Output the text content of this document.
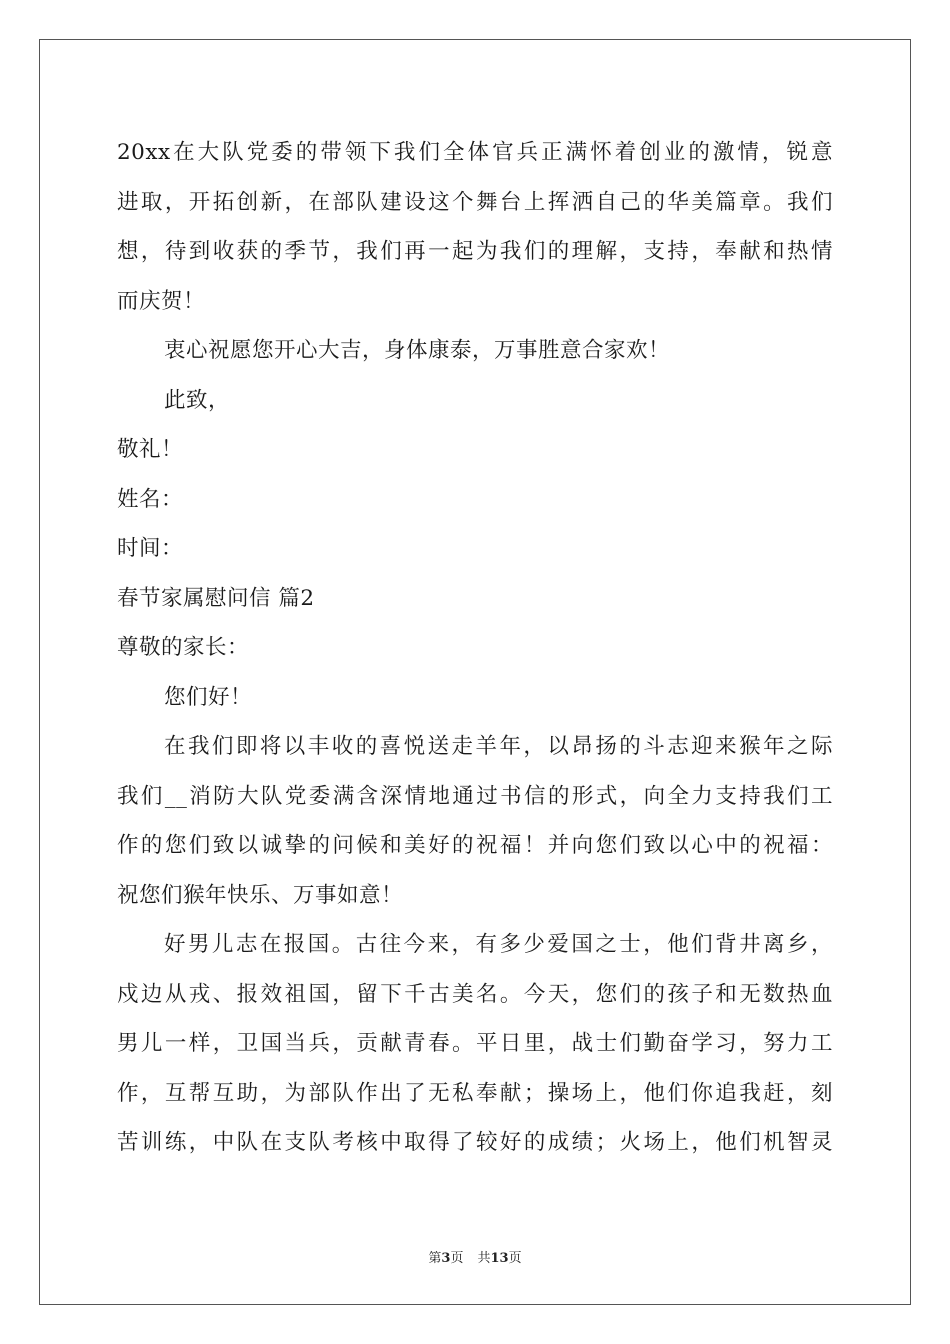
20xx在大队党委的带领下我们全体官兵正满怀着创业的激情，锐意
进取，开拓创新，在部队建设这个舞台上挥洒自己的华美篇章。我们
想，待到收获的季节，我们再一起为我们的理解，支持，奉献和热情
而庆贺！
衷心祝愿您开心大吉，身体康泰，万事胜意合家欢！
此致，
敬礼！
姓名：
时间：
春节家属慰问信 篇2
尊敬的家长：
您们好！
在我们即将以丰收的喜悦送走羊年，以昂扬的斗志迎来猴年之际
我们__消防大队党委满含深情地通过书信的形式，向全力支持我们工
作的您们致以诚挚的问候和美好的祝福！并向您们致以心中的祝福：
祝您们猴年快乐、万事如意！
好男儿志在报国。古往今来，有多少爱国之士，他们背井离乡，
戍边从戎、报效祖国，留下千古美名。今天，您们的孩子和无数热血
男儿一样，卫国当兵，贡献青春。平日里，战士们勤奋学习，努力工
作，互帮互助，为部队作出了无私奉献；操场上，他们你追我赶，刻
苦训练，中队在支队考核中取得了较好的成绩；火场上，他们机智灵
第3页 共13页
